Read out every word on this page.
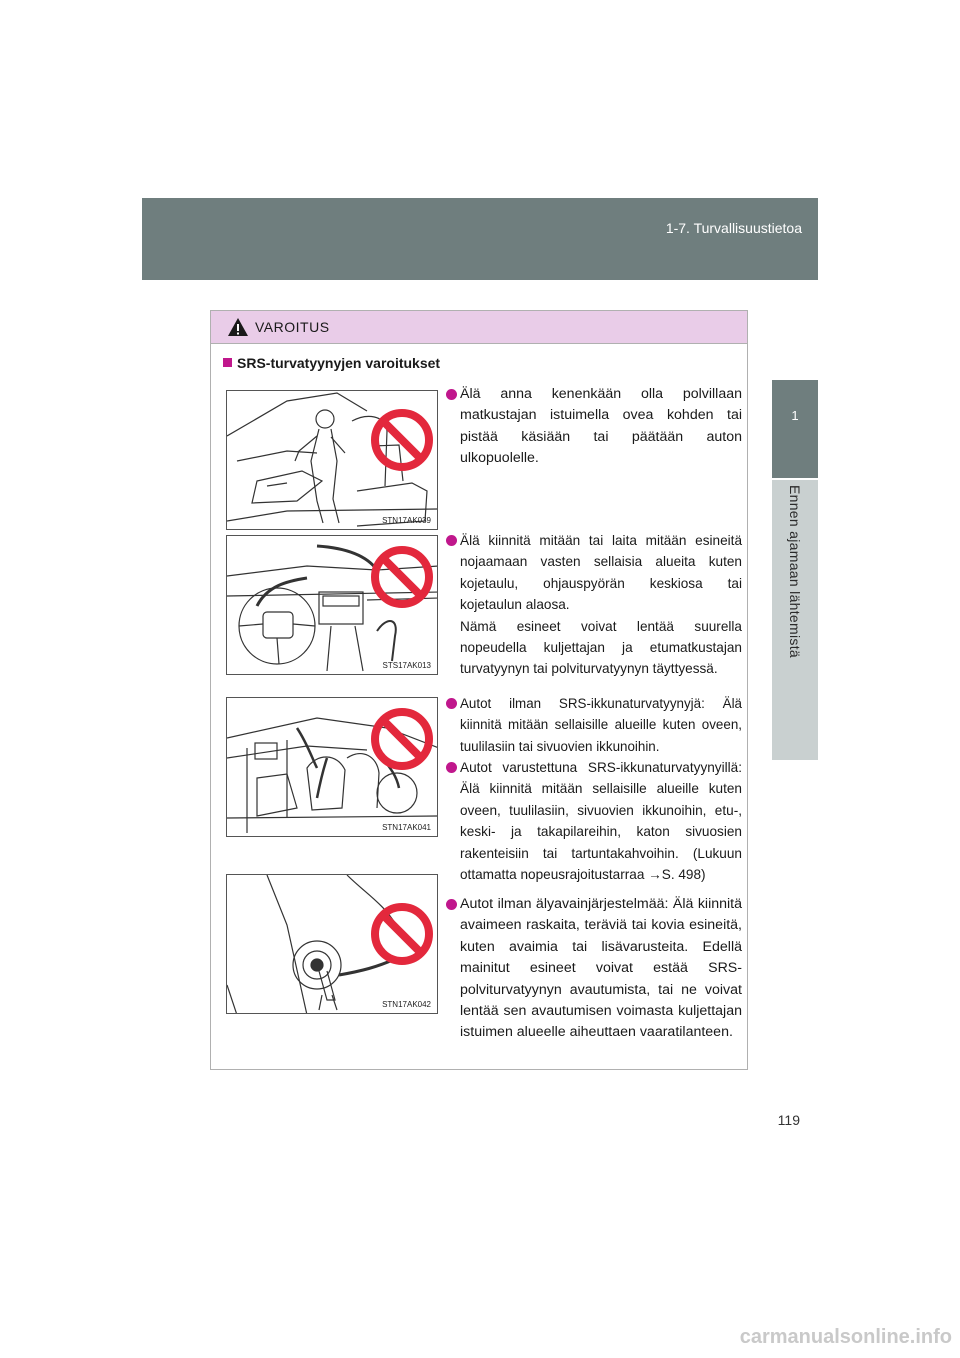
1-7. Turvallisuustietoa
1
Ennen ajamaan lähtemistä
VAROITUS
SRS-turvatyynyjen varoitukset
STN17AK039
STS17AK013
STN17AK041
STN17AK042

Älä anna kenenkään olla polvillaan matkustajan istuimella ovea kohden tai pistää käsiään tai päätään auton ulkopuolelle.

Älä kiinnitä mitään tai laita mitään esineitä nojaamaan vasten sellaisia alueita kuten kojetaulu, ohjauspyörän keskiosa tai kojetaulun alaosa.

Nämä esineet voivat lentää suurella nopeudella kuljettajan ja etumatkustajan turvatyynyn tai polviturvatyynyn täyttyessä.

Autot ilman SRS-ikkunaturvatyynyjä: Älä kiinnitä mitään sellaisille alueille kuten oveen, tuulilasiin tai sivuovien ikkunoihin.

Autot varustettuna SRS-ikkunaturvatyynyillä: Älä kiinnitä mitään sellaisille alueille kuten oveen, tuulilasiin, sivuovien ikkunoihin, etu-, keski- ja takapilareihin, katon sivuosien rakenteisiin tai tartuntakahvoihin. (Lukuun ottamatta nopeusrajoitustarraa →S. 498)

Autot ilman älyavainjärjestelmää: Älä kiinnitä avaimeen raskaita, teräviä tai kovia esineitä, kuten avaimia tai lisävarusteita. Edellä mainitut esineet voivat estää SRS-polviturvatyynyn avautumista, tai ne voivat lentää sen avautumisen voimasta kuljettajan istuimen alueelle aiheuttaen vaaratilanteen.

119
carmanualsonline.info
